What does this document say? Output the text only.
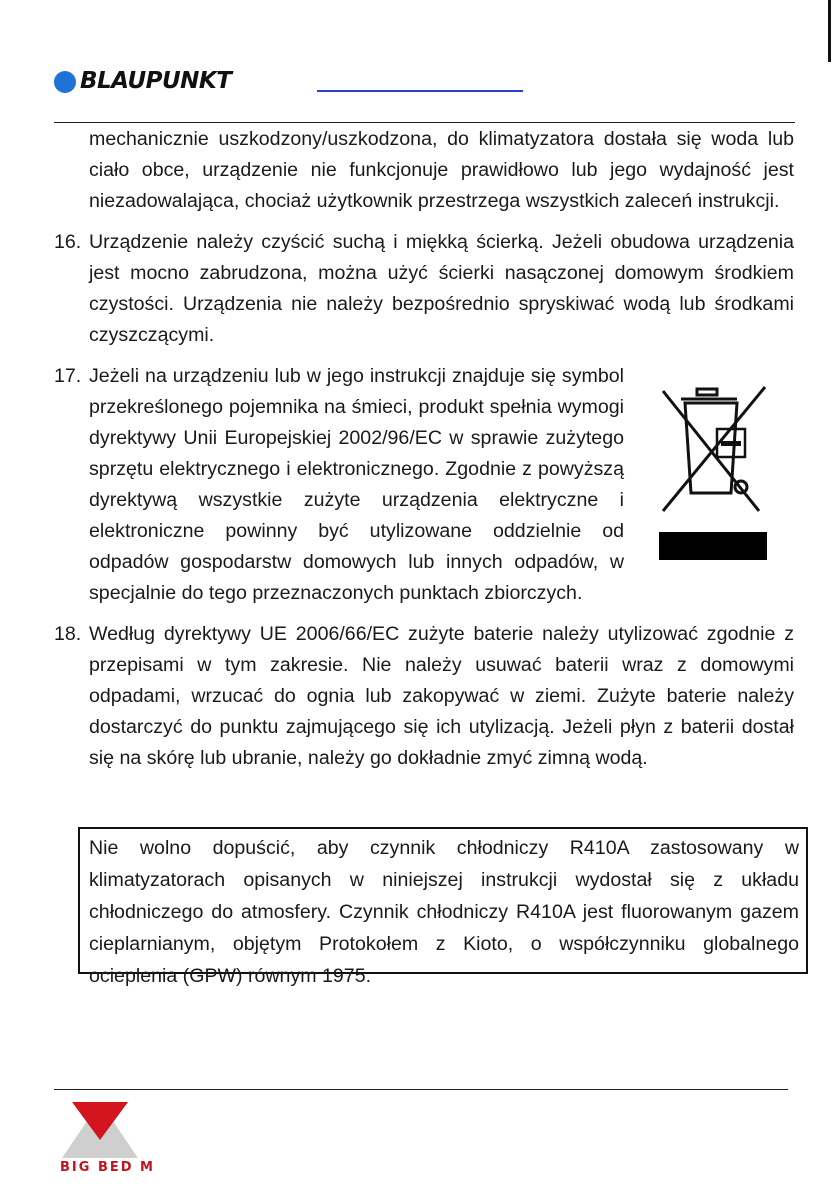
BLAUPUNKT

mechanicznie uszkodzony/uszkodzona, do klimatyzatora dostała się woda lub ciało obce, urządzenie nie funkcjonuje prawidłowo lub jego wydajność jest niezadowalająca, chociaż użytkownik przestrzega wszystkich zaleceń instrukcji.

16. Urządzenie należy czyścić suchą i miękką ścierką. Jeżeli obudowa urządzenia jest mocno zabrudzona, można użyć ścierki nasączonej domowym środkiem czystości. Urządzenia nie należy bezpośrednio spryskiwać wodą lub środkami czyszczącymi.

17. Jeżeli na urządzeniu lub w jego instrukcji znajduje się symbol przekreślonego pojemnika na śmieci, produkt spełnia wymogi dyrektywy Unii Europejskiej 2002/96/EC w sprawie zużytego sprzętu elektrycznego i elektronicznego. Zgodnie z powyższą dyrektywą wszystkie zużyte urządzenia elektryczne i elektroniczne powinny być utylizowane oddzielnie od odpadów gospodarstw domowych lub innych odpadów, w specjalnie do tego przeznaczonych punktach zbiorczych.

18. Według dyrektywy UE 2006/66/EC zużyte baterie należy utylizować zgodnie z przepisami w tym zakresie. Nie należy usuwać baterii wraz z domowymi odpadami, wrzucać do ognia lub zakopywać w ziemi. Zużyte baterie należy dostarczyć do punktu zajmującego się ich utylizacją. Jeżeli płyn z baterii dostał się na skórę lub ubranie, należy go dokładnie zmyć zimną wodą.

Nie wolno dopuścić, aby czynnik chłodniczy R410A zastosowany w klimatyzatorach opisanych w niniejszej instrukcji wydostał się z układu chłodniczego do atmosfery. Czynnik chłodniczy R410A jest fluorowanym gazem cieplarnianym, objętym Protokołem z Kioto, o współczynniku globalnego ocieplenia (GPW) równym 1975.

BIG BED M
